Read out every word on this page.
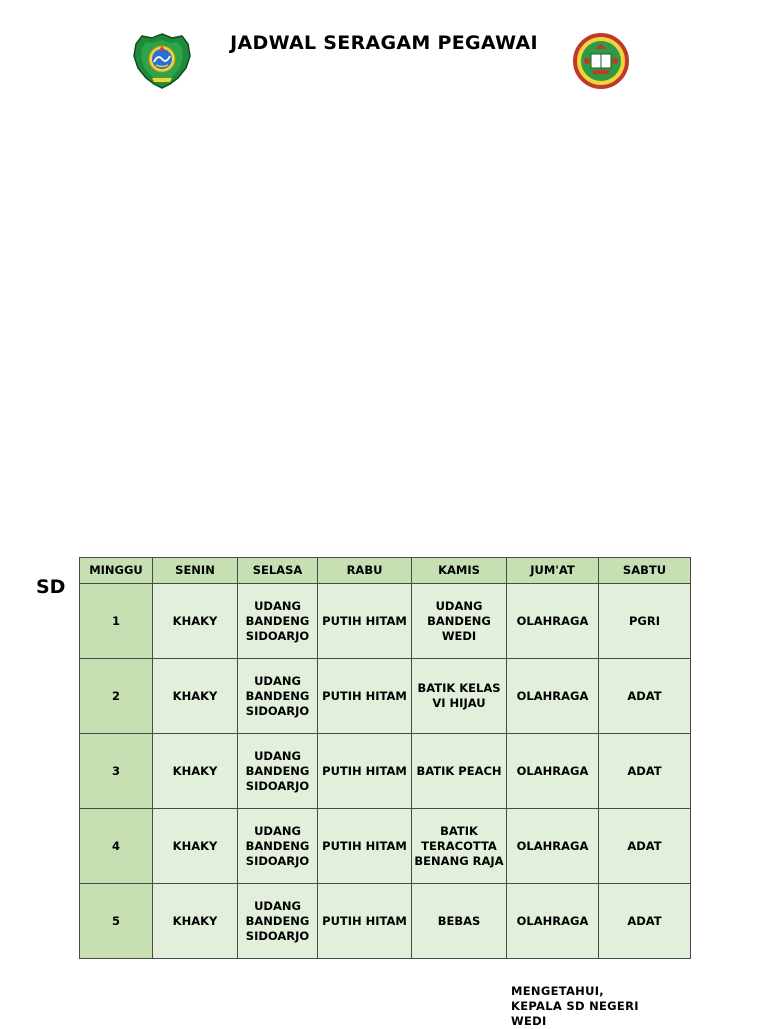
JADWAL SERAGAM PEGAWAI
SD
MINGGU	SENIN	SELASA	RABU	KAMIS	JUM'AT	SABTU
1	KHAKY	UDANG BANDENG SIDOARJO	PUTIH HITAM	UDANG BANDENG WEDI	OLAHRAGA	PGRI
2	KHAKY	UDANG BANDENG SIDOARJO	PUTIH HITAM	BATIK KELAS VI HIJAU	OLAHRAGA	ADAT
3	KHAKY	UDANG BANDENG SIDOARJO	PUTIH HITAM	BATIK PEACH	OLAHRAGA	ADAT
4	KHAKY	UDANG BANDENG SIDOARJO	PUTIH HITAM	BATIK TERACOTTA BENANG RAJA	OLAHRAGA	ADAT
5	KHAKY	UDANG BANDENG SIDOARJO	PUTIH HITAM	BEBAS	OLAHRAGA	ADAT
MENGETAHUI,
KEPALA SD NEGERI
WEDI
